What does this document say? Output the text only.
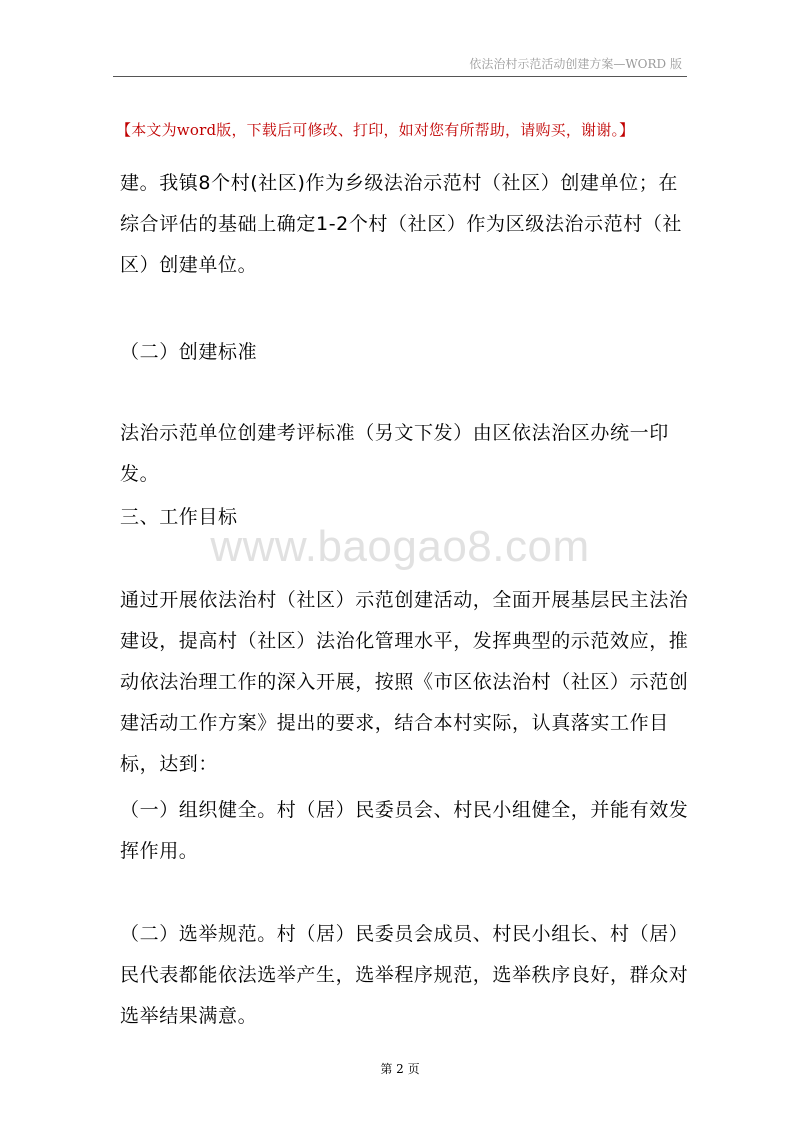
依法治村示范活动创建方案—WORD 版
【本文为word版，下载后可修改、打印，如对您有所帮助，请购买，谢谢。】
建。我镇8个村(社区)作为乡级法治示范村（社区）创建单位；在综合评估的基础上确定1-2个村（社区）作为区级法治示范村（社区）创建单位。
（二）创建标准
法治示范单位创建考评标准（另文下发）由区依法治区办统一印发。
三、工作目标
www.baogao8.com
通过开展依法治村（社区）示范创建活动，全面开展基层民主法治建设，提高村（社区）法治化管理水平，发挥典型的示范效应，推动依法治理工作的深入开展，按照《市区依法治村（社区）示范创建活动工作方案》提出的要求，结合本村实际，认真落实工作目标，达到：
（一）组织健全。村（居）民委员会、村民小组健全，并能有效发挥作用。
（二）选举规范。村（居）民委员会成员、村民小组长、村（居）民代表都能依法选举产生，选举程序规范，选举秩序良好，群众对选举结果满意。
第 2 页
